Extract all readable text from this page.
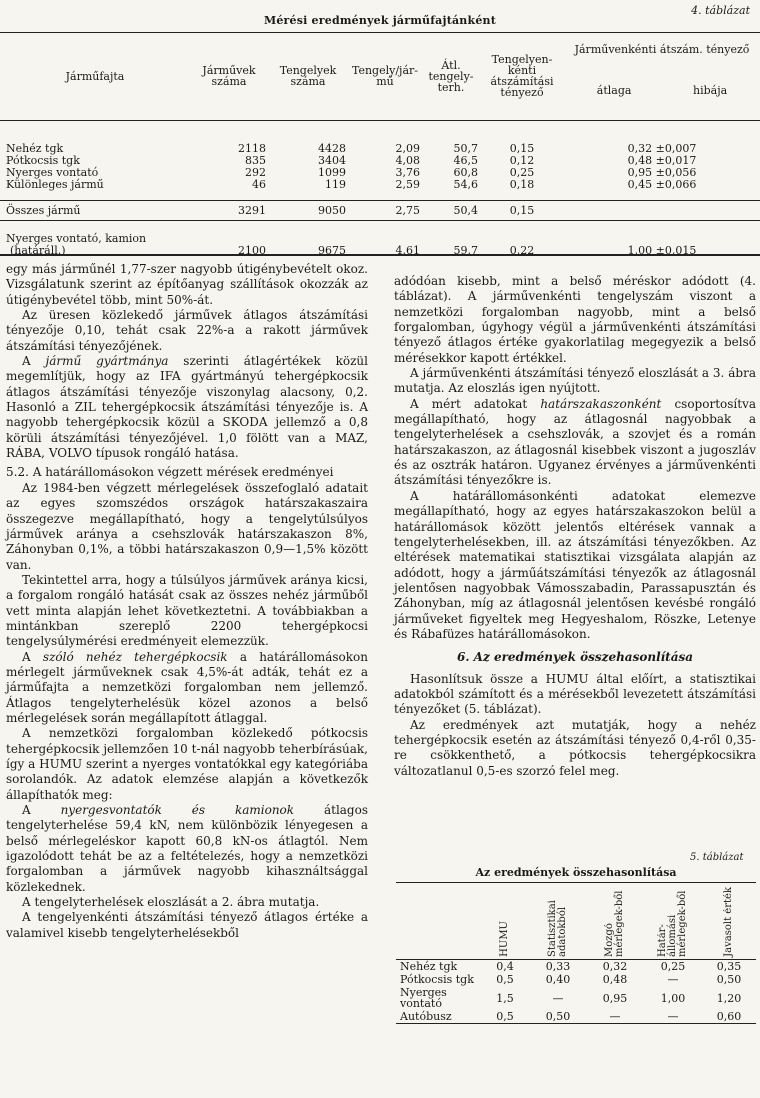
Mérési eredmények járműfajtánként
4. táblázat
Járműfajta	Járművek száma	Tengelyek száma	Tengely/jár-mű	Átl. tengely-terh.	Tengelyen-kénti átszámítási tényező	Járművenkénti átszám. tényező
átlaga hibája

Nehéz tgk	2118	4428	2,09	50,7	0,15	0,32 ±0,007
Pótkocsis tgk	835	3404	4,08	46,5	0,12	0,48 ±0,017
Nyerges vontató	292	1099	3,76	60,8	0,25	0,95 ±0,056
Különleges jármű	46	119	2,59	54,6	0,18	0,45 ±0,066

Összes jármű	3291	9050	2,75	50,4	0,15	

Nyerges vontató, kamion
(határáll.)	2100	9675	4,61	59,7	0,22	1,00 ±0,015

egy más járműnél 1,77-szer nagyobb útigénybevételt okoz. Vizsgálatunk szerint az építőanyag szállítások okozzák az útigénybevétel több, mint 50%-át.

Az üresen közlekedő járművek átlagos átszámítási tényezője 0,10, tehát csak 22%-a a rakott járművek átszámítási tényezőjének.

A jármű gyártmánya szerinti átlagértékek közül megemlítjük, hogy az IFA gyártmányú tehergépkocsik átlagos átszámítási tényezője viszonylag alacsony, 0,2. Hasonló a ZIL tehergépkocsik átszámítási tényezője is. A nagyobb tehergépkocsik közül a SKODA jellemző a 0,8 körüli átszámítási tényezőjével. 1,0 fölött van a MAZ, RÁBA, VOLVO típusok rongáló hatása.

5.2. A határállomásokon végzett mérések eredményei

Az 1984-ben végzett mérlegelések összefoglaló adatait az egyes szomszédos országok határszakaszaira összegezve megállapítható, hogy a tengelytúlsúlyos járművek aránya a csehszlovák határszakaszon 8%, Záhonyban 0,1%, a többi határszakaszon 0,9—1,5% között van.

Tekintettel arra, hogy a túlsúlyos járművek aránya kicsi, a forgalom rongáló hatását csak az összes nehéz járműből vett minta alapján lehet következtetni. A továbbiakban a mintánkban szereplő 2200 tehergépkocsi tengelysúlymérési eredményeit elemezzük.

A szóló nehéz tehergépkocsik a határállomásokon mérlegelt járműveknek csak 4,5%-át adták, tehát ez a járműfajta a nemzetközi forgalomban nem jellemző. Átlagos tengelyterhelésük közel azonos a belső mérlegelések során megállapított átlaggal.

A nemzetközi forgalomban közlekedő pótkocsis tehergépkocsik jellemzően 10 t-nál nagyobb teherbírásúak, így a HUMU szerint a nyerges vontatókkal egy kategóriába sorolandók. Az adatok elemzése alapján a következők állapíthatók meg:

A nyergesvontatók és kamionok átlagos tengelyterhelése 59,4 kN, nem különbözik lényegesen a belső mérlegeléskor kapott 60,8 kN-os átlagtól. Nem igazolódott tehát be az a feltételezés, hogy a nemzetközi forgalomban a járművek nagyobb kihasználtsággal közlekednek.

A tengelyterhelések eloszlását a 2. ábra mutatja.

A tengelyenkénti átszámítási tényező átlagos értéke a valamivel kisebb tengelyterhelésekből

adódóan kisebb, mint a belső méréskor adódott (4. táblázat). A járművenkénti tengelyszám viszont a nemzetközi forgalomban nagyobb, mint a belső forgalomban, úgyhogy végül a járművenkénti átszámítási tényező átlagos értéke gyakorlatilag megegyezik a belső mérésekkor kapott értékkel.

A járművenkénti átszámítási tényező eloszlását a 3. ábra mutatja. Az eloszlás igen nyújtott.

A mért adatokat határszakaszonként csoportosítva megállapítható, hogy az átlagosnál nagyobbak a tengelyterhelések a csehszlovák, a szovjet és a román határszakaszon, az átlagosnál kisebbek viszont a jugoszláv és az osztrák határon. Ugyanez érvényes a járművenkénti átszámítási tényezőkre is.

A határállomásonkénti adatokat elemezve megállapítható, hogy az egyes határszakaszokon belül a határállomások között jelentős eltérések vannak a tengelyterhelésekben, ill. az átszámítási tényezőkben. Az eltérések matematikai statisztikai vizsgálata alapján az adódott, hogy a járműátszámítási tényezők az átlagosnál jelentősen nagyobbak Vámosszabadin, Parassapusztán és Záhonyban, míg az átlagosnál jelentősen kevésbé rongáló járműveket figyeltek meg Hegyeshalom, Röszke, Letenye és Rábafüzes határállomásokon.

6. Az eredmények összehasonlítása

Hasonlítsuk össze a HUMU által előírt, a statisztikai adatokból számított és a mérésekből levezetett átszámítási tényezőket (5. táblázat).

Az eredmények azt mutatják, hogy a nehéz tehergépkocsik esetén az átszámítási tényező 0,4-ről 0,35-re csökkenthető, a pótkocsis tehergépkocsikra változatlanul 0,5-es szorzó felel meg.

5. táblázat
Az eredmények összehasonlítása
	HUMU	Statisztikai adatokból	Mozgó mérlegek-ből	Határ-állomási mérlegek-ből	Javasolt érték
Nehéz tgk	0,4	0,33	0,32	0,25	0,35
Pótkocsis tgk	0,5	0,40	0,48	—	0,50
Nyerges vontató	1,5	—	0,95	1,00	1,20
Autóbusz	0,5	0,50	—	—	0,60
